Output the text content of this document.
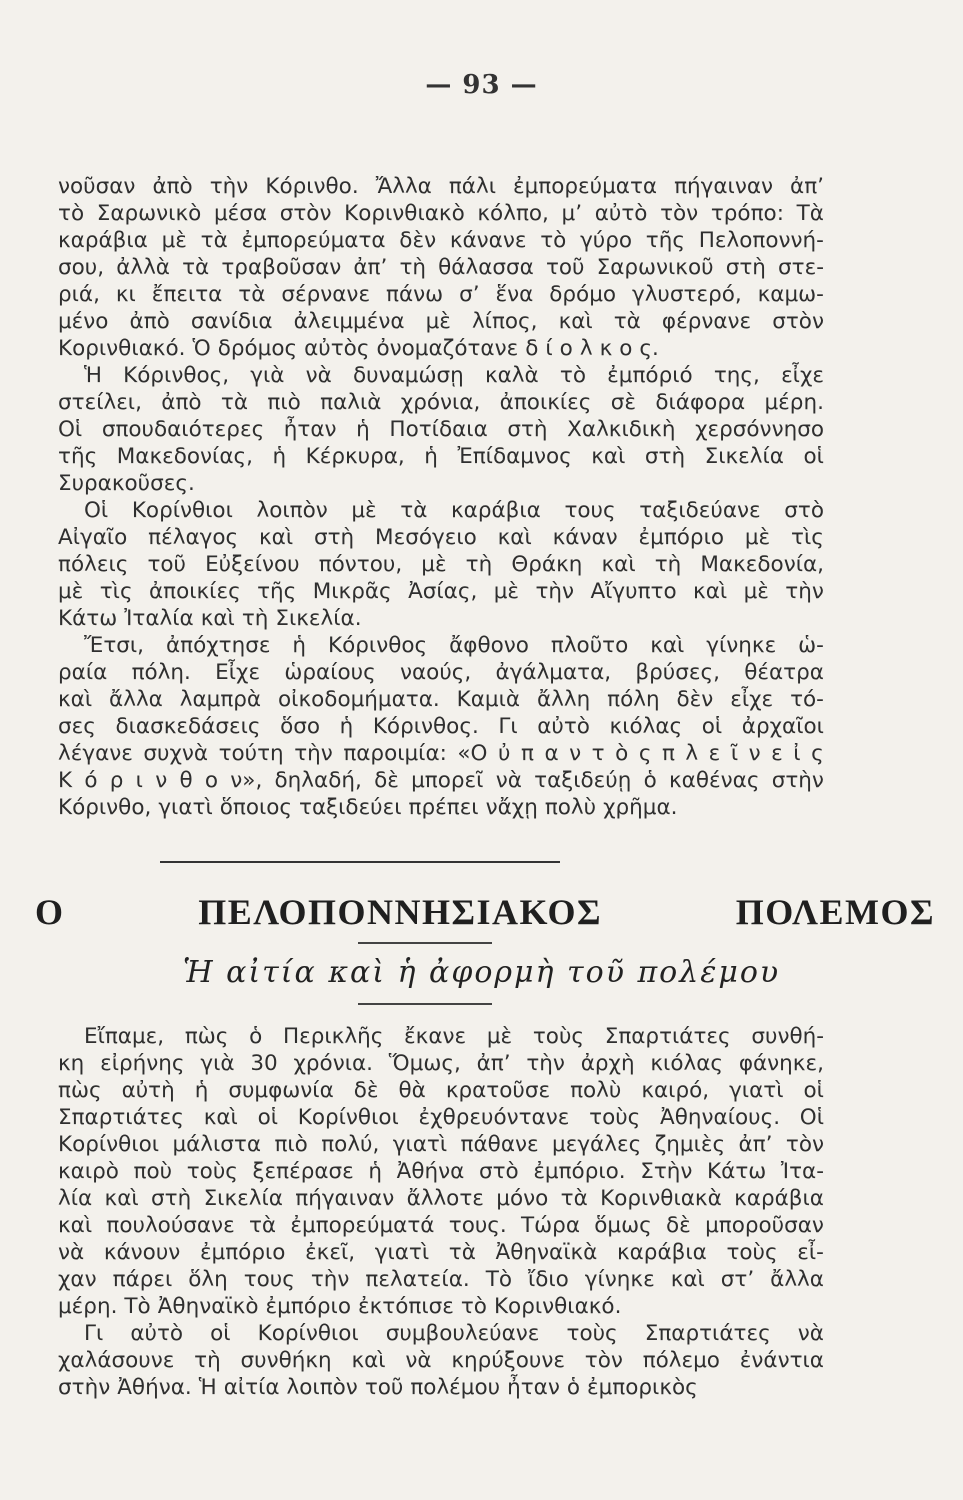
— 93 —
νοῦσαν ἀπὸ τὴν Κόρινθο. Ἄλλα πάλι ἐμπορεύματα πήγαιναν ἀπ’
τὸ Σαρωνικὸ μέσα στὸν Κορινθιακὸ κόλπο, μ’ αὐτὸ τὸν τρόπο: Τὰ
καράβια μὲ τὰ ἐμπορεύματα δὲν κάνανε τὸ γύρο τῆς Πελοποννή-
σου, ἀλλὰ τὰ τραβοῦσαν ἀπ’ τὴ θάλασσα τοῦ Σαρωνικοῦ στὴ στε-
ριά, κι ἔπειτα τὰ σέρνανε πάνω σ’ ἕνα δρόμο γλυστερό, καμω-
μένο ἀπὸ σανίδια ἀλειμμένα μὲ λίπος, καὶ τὰ φέρνανε στὸν
Κορινθιακό. Ὁ δρόμος αὐτὸς ὀνομαζότανε δ ί ο λ κ ο ς.
Ἡ Κόρινθος, γιὰ νὰ δυναμώσῃ καλὰ τὸ ἐμπόριό της, εἶχε
στείλει, ἀπὸ τὰ πιὸ παλιὰ χρόνια, ἀποικίες σὲ διάφορα μέρη.
Οἱ σπουδαιότερες ἦταν ἡ Ποτίδαια στὴ Χαλκιδικὴ χερσόννησο
τῆς Μακεδονίας, ἡ Κέρκυρα, ἡ Ἐπίδαμνος καὶ στὴ Σικελία οἱ
Συρακοῦσες.
Οἱ Κορίνθιοι λοιπὸν μὲ τὰ καράβια τους ταξιδεύανε στὸ
Αἰγαῖο πέλαγος καὶ στὴ Μεσόγειο καὶ κάναν ἐμπόριο μὲ τὶς
πόλεις τοῦ Εὐξείνου πόντου, μὲ τὴ Θράκη καὶ τὴ Μακεδονία,
μὲ τὶς ἀποικίες τῆς Μικρᾶς Ἀσίας, μὲ τὴν Αἴγυπτο καὶ μὲ τὴν
Κάτω Ἰταλία καὶ τὴ Σικελία.
Ἔτσι, ἀπόχτησε ἡ Κόρινθος ἄφθονο πλοῦτο καὶ γίνηκε ὡ-
ραία πόλη. Εἶχε ὡραίους ναούς, ἀγάλματα, βρύσες, θέατρα
καὶ ἄλλα λαμπρὰ οἰκοδομήματα. Καμιὰ ἄλλη πόλη δὲν εἶχε τό-
σες διασκεδάσεις ὅσο ἡ Κόρινθος. Γι αὐτὸ κιόλας οἱ ἀρχαῖοι
λέγανε συχνὰ τούτη τὴν παροιμία: «Ο ὐ π α ν τ ὸ ς π λ ε ῖ ν ε ἰ ς
Κ ό ρ ι ν θ ο ν», δηλαδή, δὲ μπορεῖ νὰ ταξιδεύῃ ὁ καθένας στὴν
Κόρινθο, γιατὶ ὅποιος ταξιδεύει πρέπει νἄχῃ πολὺ χρῆμα.
Ο ΠΕΛΟΠΟΝΝΗΣΙΑΚΟΣ ΠΟΛΕΜΟΣ
Ἡ αἰτία καὶ ἡ ἀφορμὴ τοῦ πολέμου
Εἴπαμε, πὼς ὁ Περικλῆς ἔκανε μὲ τοὺς Σπαρτιάτες συνθή-
κη εἰρήνης γιὰ 30 χρόνια. Ὅμως, ἀπ’ τὴν ἀρχὴ κιόλας φάνηκε,
πὼς αὐτὴ ἡ συμφωνία δὲ θὰ κρατοῦσε πολὺ καιρό, γιατὶ οἱ
Σπαρτιάτες καὶ οἱ Κορίνθιοι ἐχθρευόντανε τοὺς Ἀθηναίους. Οἱ
Κορίνθιοι μάλιστα πιὸ πολύ, γιατὶ πάθανε μεγάλες ζημιὲς ἀπ’ τὸν
καιρὸ ποὺ τοὺς ξεπέρασε ἡ Ἀθήνα στὸ ἐμπόριο. Στὴν Κάτω Ἰτα-
λία καὶ στὴ Σικελία πήγαιναν ἄλλοτε μόνο τὰ Κορινθιακὰ καράβια
καὶ πουλούσανε τὰ ἐμπορεύματά τους. Τώρα ὅμως δὲ μποροῦσαν
νὰ κάνουν ἐμπόριο ἐκεῖ, γιατὶ τὰ Ἀθηναϊκὰ καράβια τοὺς εἶ-
χαν πάρει ὅλη τους τὴν πελατεία. Τὸ ἴδιο γίνηκε καὶ στ’ ἄλλα
μέρη. Τὸ Ἀθηναϊκὸ ἐμπόριο ἐκτόπισε τὸ Κορινθιακό.
Γι αὐτὸ οἱ Κορίνθιοι συμβουλεύανε τοὺς Σπαρτιάτες νὰ
χαλάσουνε τὴ συνθήκη καὶ νὰ κηρύξουνε τὸν πόλεμο ἐνάντια
στὴν Ἀθήνα. Ἡ αἰτία λοιπὸν τοῦ πολέμου ἦταν ὁ ἐμπορικὸς
